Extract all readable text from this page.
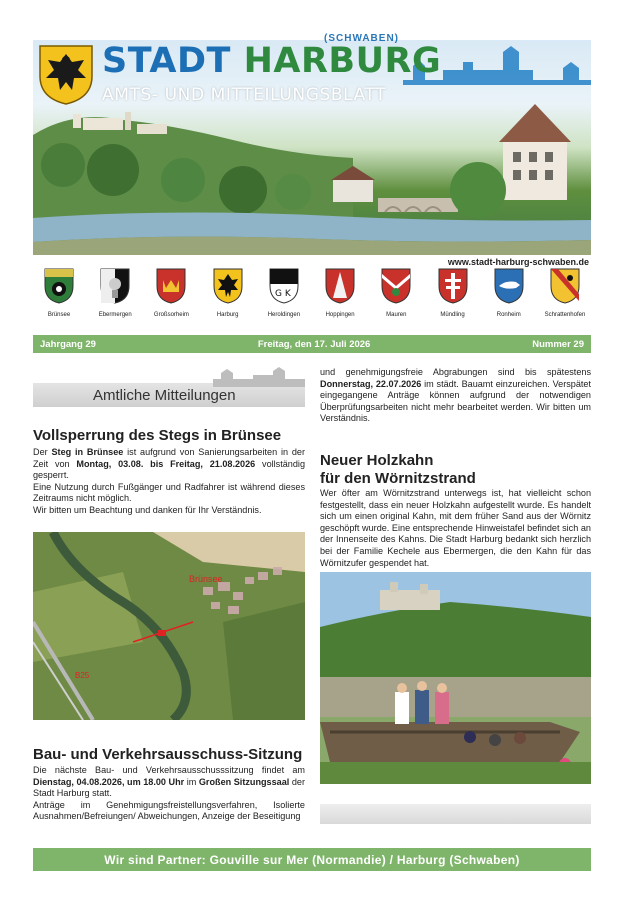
STADT HARBURG
(SCHWABEN)
AMTS- UND MITTEILUNGSBLATT
www.stadt-harburg-schwaben.de
Brünsee	Ebermergen	Großsorheim	Harburg
G K
Heroldingen	Hoppingen	Mauren	Mündling	Ronheim	Schrattenhofen
Jahrgang 29	Freitag, den 17. Juli 2026	Nummer 29
Amtliche Mitteilungen
Vollsperrung des Stegs in Brünsee

Der Steg in Brünsee ist aufgrund von Sanierungsarbeiten in der Zeit von Montag, 03.08. bis Freitag, 21.08.2026 vollständig gesperrt.

Eine Nutzung durch Fußgänger und Radfahrer ist während dieses Zeitraums nicht möglich.

Wir bitten um Beachtung und danken für Ihr Verständnis.

Brünsee
B25
Bau- und Verkehrsausschuss-Sitzung

Die nächste Bau- und Verkehrsausschusssitzung findet am Dienstag, 04.08.2026, um 18.00 Uhr im Großen Sitzungssaal der Stadt Harburg statt.

Anträge im Genehmigungsfreistellungsverfahren, Isolierte Ausnahmen/Befreiungen/ Abweichungen, Anzeige der Beseitigung

und genehmigungsfreie Abgrabungen sind bis spätestens Donnerstag, 22.07.2026 im städt. Bauamt einzureichen. Verspätet eingegangene Anträge können aufgrund der notwendigen Überprüfungsarbeiten nicht mehr bearbeitet werden. Wir bitten um Verständnis.

Neuer Holzkahn
für den Wörnitzstrand
Wer öfter am Wörnitzstrand unterwegs ist, hat vielleicht schon festgestellt, dass ein neuer Holzkahn aufgestellt wurde. Es handelt sich um einen original Kahn, mit dem früher Sand aus der Wörnitz geschöpft wurde. Eine entsprechende Hinweistafel befindet sich an der Innenseite des Kahns. Die Stadt Harburg bedankt sich herzlich bei der Familie Kechele aus Ebermergen, die den Kahn für das Wörnitzufer gespendet hat.
Wir sind Partner: Gouville sur Mer (Normandie) / Harburg (Schwaben)
